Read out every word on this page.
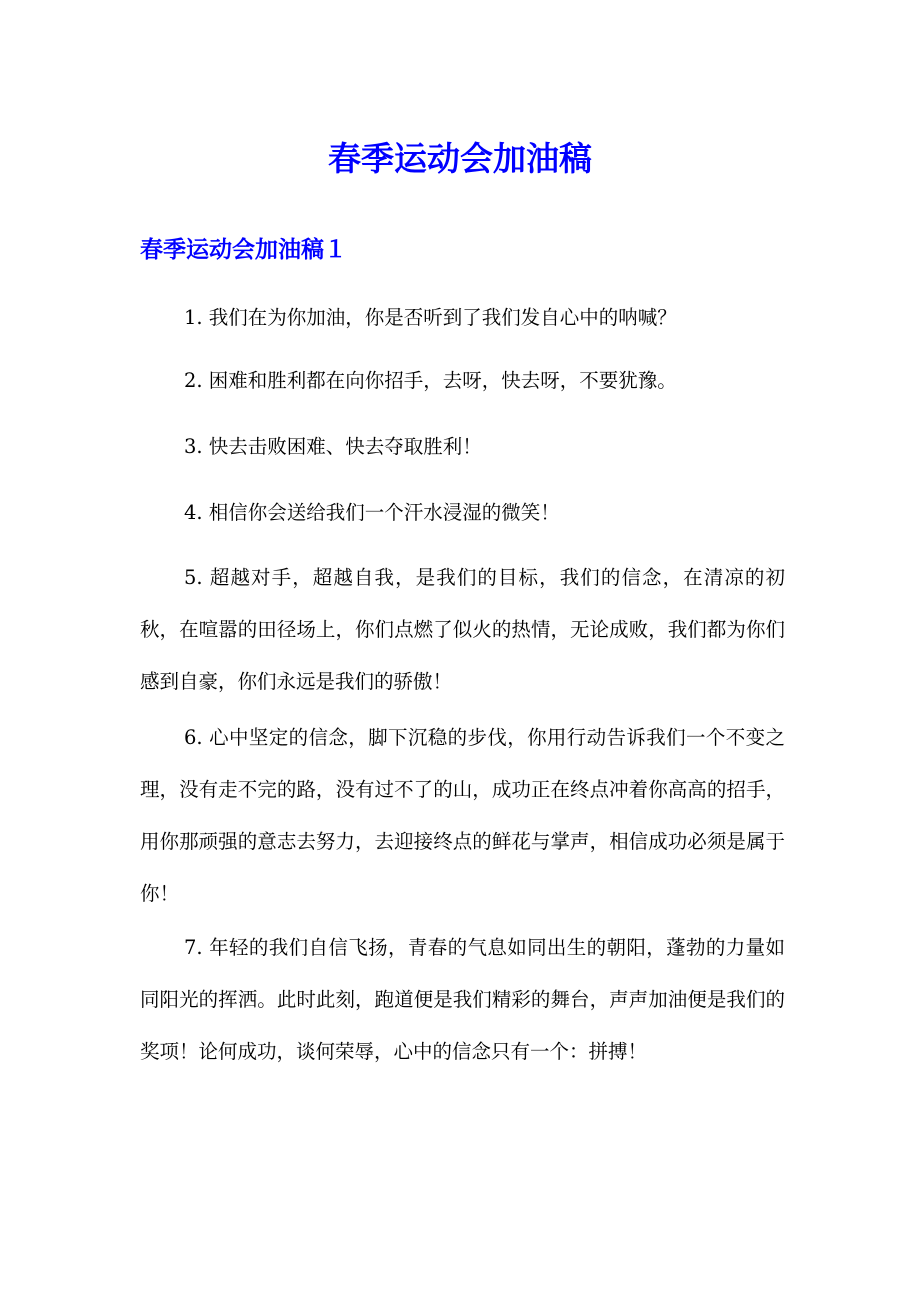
春季运动会加油稿
春季运动会加油稿１

1. 我们在为你加油，你是否听到了我们发自心中的呐喊？

2. 困难和胜利都在向你招手，去呀，快去呀，不要犹豫。

3. 快去击败困难、快去夺取胜利！

4. 相信你会送给我们一个汗水浸湿的微笑！

5. 超越对手，超越自我，是我们的目标，我们的信念，在清凉的初秋，在喧嚣的田径场上，你们点燃了似火的热情，无论成败，我们都为你们感到自豪，你们永远是我们的骄傲！

6. 心中坚定的信念，脚下沉稳的步伐，你用行动告诉我们一个不变之理，没有走不完的路，没有过不了的山，成功正在终点冲着你高高的招手，用你那顽强的意志去努力，去迎接终点的鲜花与掌声，相信成功必须是属于你！

7. 年轻的我们自信飞扬，青春的气息如同出生的朝阳，蓬勃的力量如同阳光的挥洒。此时此刻，跑道便是我们精彩的舞台，声声加油便是我们的奖项！论何成功，谈何荣辱，心中的信念只有一个：拼搏！
